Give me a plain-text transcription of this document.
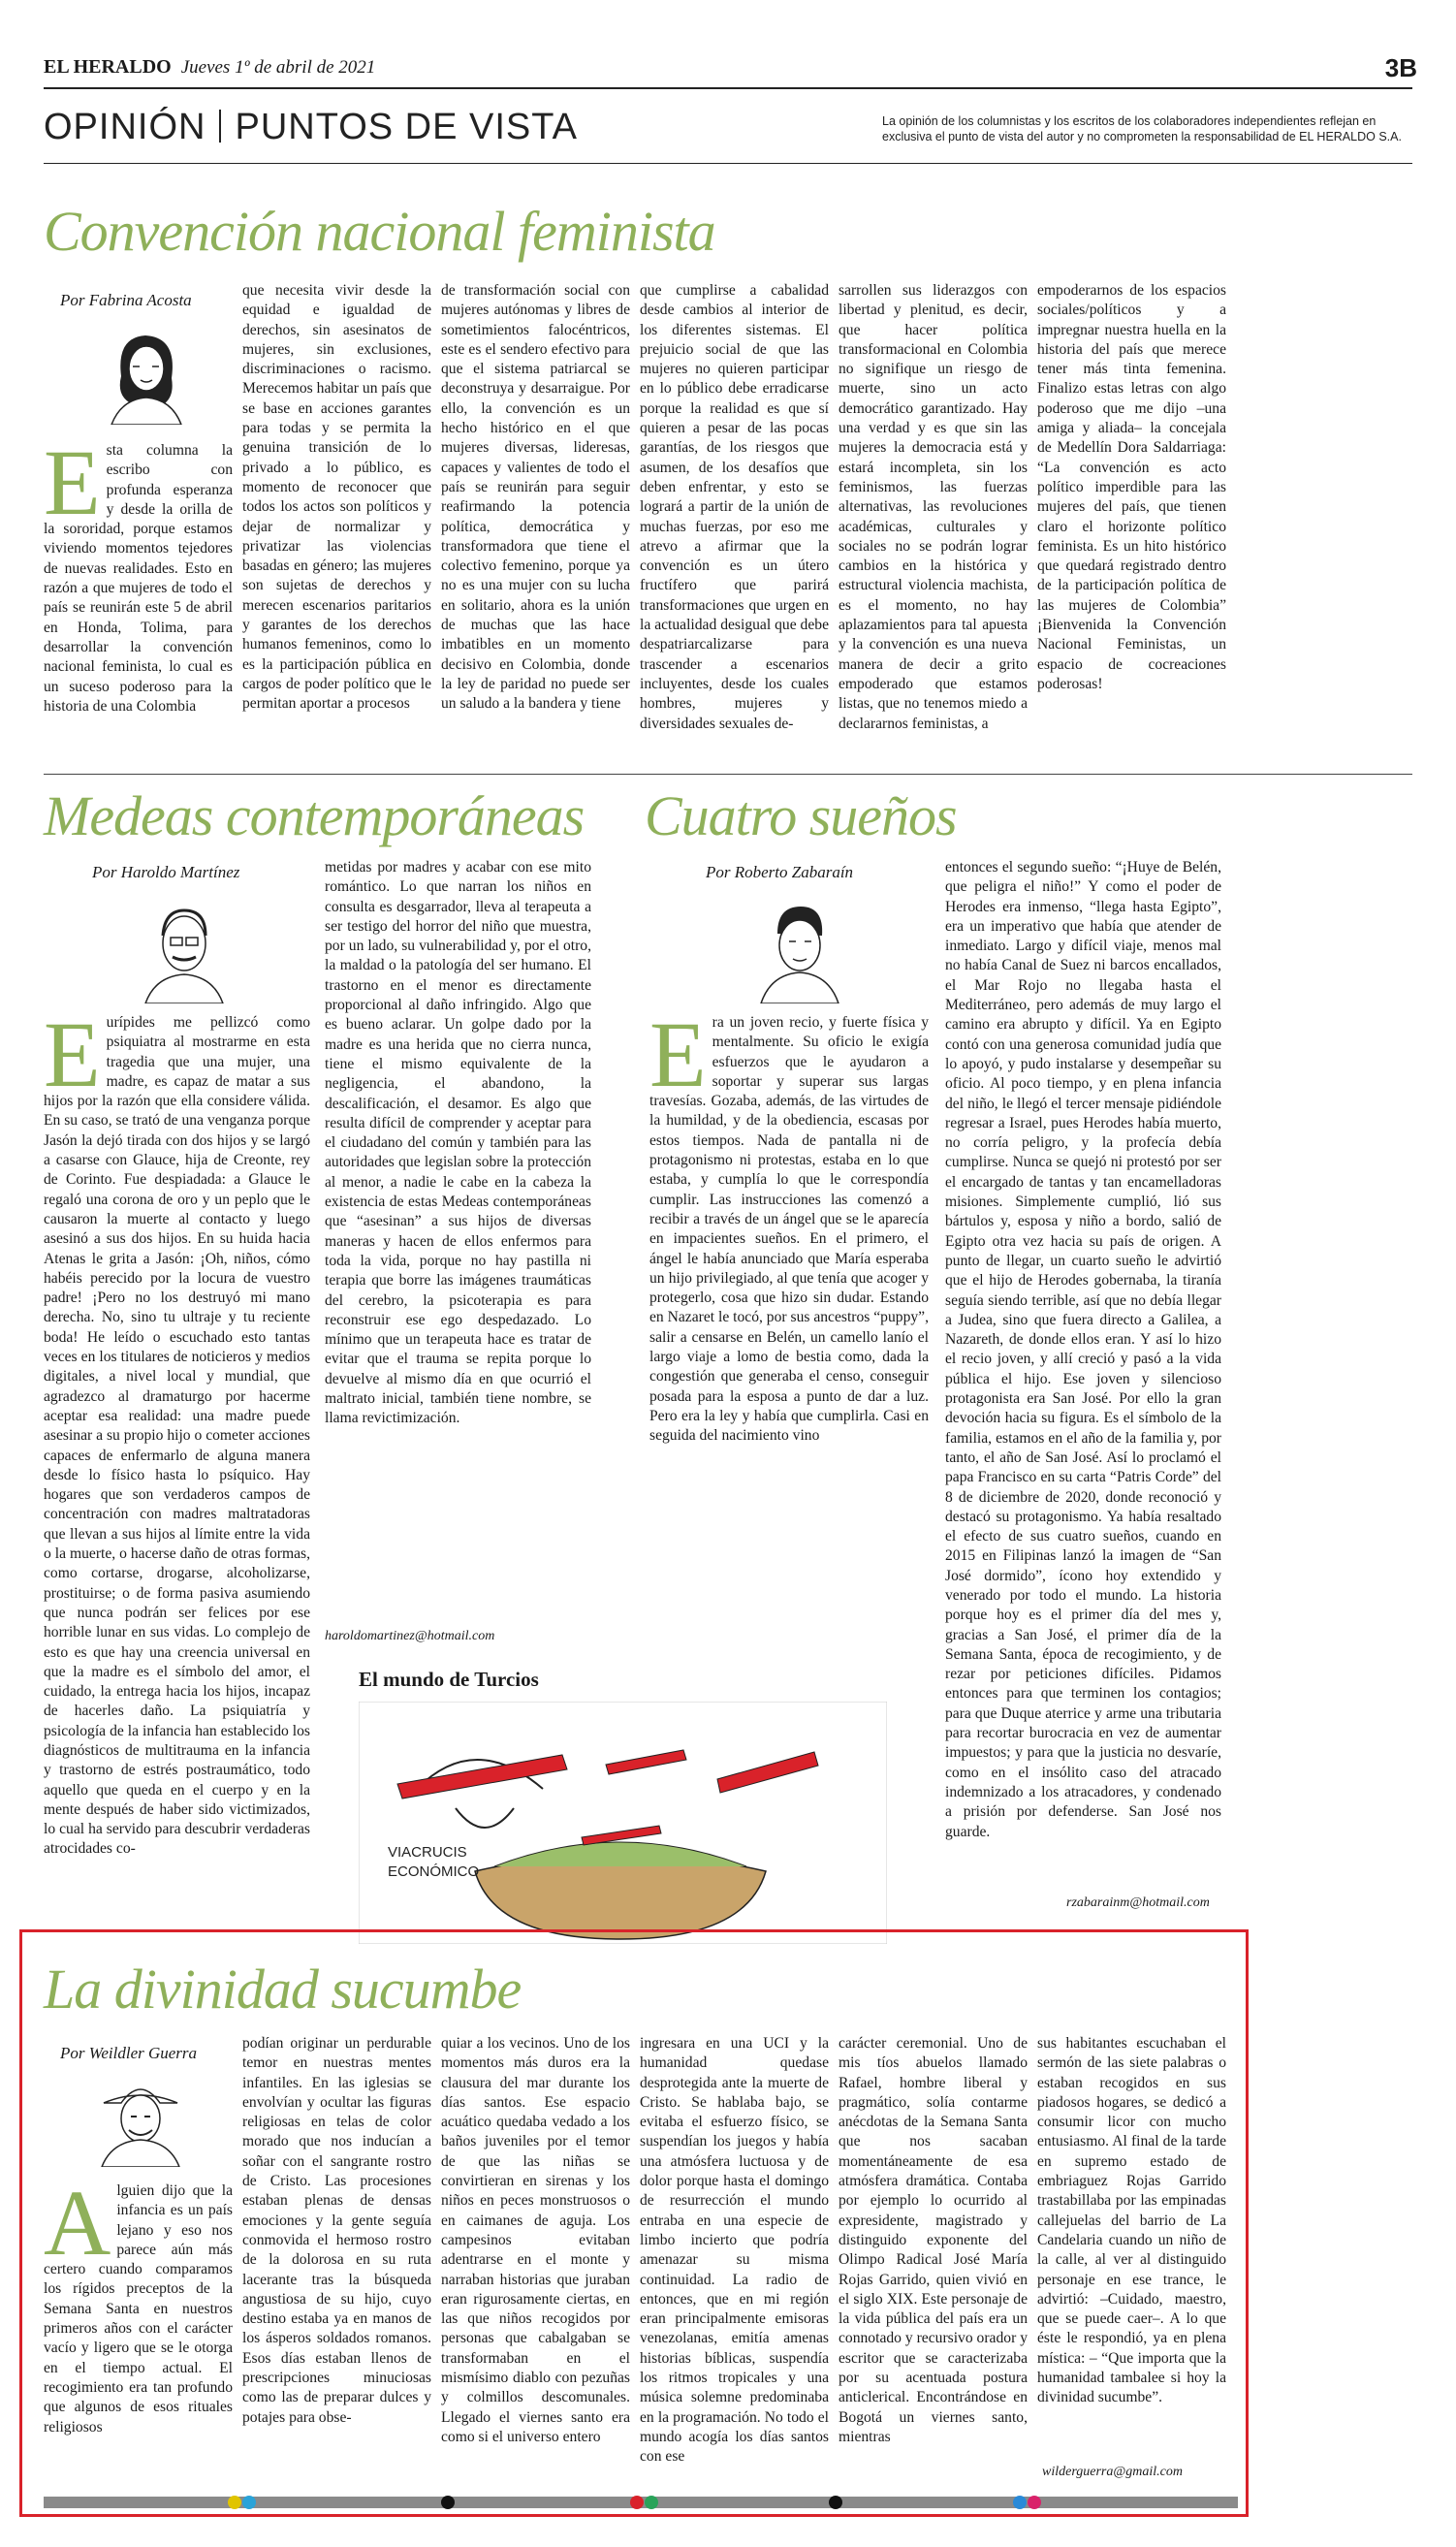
EL HERALDO Jueves 1º de abril de 2021	3B
OPINIÓN PUNTOS DE VISTA	La opinión de los columnistas y los escritos de los colaboradores independientes reflejan en exclusiva el punto de vista del autor y no comprometen la responsabilidad de EL HERALDO S.A.
Convención nacional feminista
Por Fabrina Acosta
Esta columna la escribo con profunda esperanza y desde la orilla de la sororidad, porque estamos viviendo momentos tejedores de nuevas realidades. Esto en razón a que mujeres de todo el país se reunirán este 5 de abril en Honda, Tolima, para desarrollar la convención nacional feminista, lo cual es un suceso poderoso para la historia de una Colombia
que necesita vivir desde la equidad e igualdad de derechos, sin asesinatos de mujeres, sin exclusiones, discriminaciones o racismo. Merecemos habitar un país que se base en acciones garantes para todas y se permita la genuina transición de lo privado a lo público, es momento de reconocer que todos los actos son políticos y dejar de normalizar y privatizar las violencias basadas en género; las mujeres son sujetas de derechos y merecen escenarios paritarios y garantes de los derechos humanos femeninos, como lo es la participación pública en cargos de poder político que le permitan aportar a procesos
de transformación social con mujeres autónomas y libres de sometimientos falocéntricos, este es el sendero efectivo para que el sistema patriarcal se deconstruya y desarraigue. Por ello, la convención es un hecho histórico en el que mujeres diversas, lideresas, capaces y valientes de todo el país se reunirán para seguir reafirmando la potencia política, democrática y transformadora que tiene el colectivo femenino, porque ya no es una mujer con su lucha en solitario, ahora es la unión de muchas que las hace imbatibles en un momento decisivo en Colombia, donde la ley de paridad no puede ser un saludo a la bandera y tiene
que cumplirse a cabalidad desde cambios al interior de los diferentes sistemas. El prejuicio social de que las mujeres no quieren participar en lo público debe erradicarse porque la realidad es que sí quieren a pesar de las pocas garantías, de los riesgos que asumen, de los desafíos que deben enfrentar, y esto se logrará a partir de la unión de muchas fuerzas, por eso me atrevo a afirmar que la convención es un útero fructífero que parirá transformaciones que urgen en la actualidad desigual que debe despatriarcalizarse para trascender a escenarios incluyentes, desde los cuales hombres, mujeres y diversidades sexuales de-
sarrollen sus liderazgos con libertad y plenitud, es decir, que hacer política transformacional en Colombia no signifique un riesgo de muerte, sino un acto democrático garantizado. Hay una verdad y es que sin las mujeres la democracia está y estará incompleta, sin los feminismos, las fuerzas alternativas, las revoluciones académicas, culturales y sociales no se podrán lograr cambios en la histórica y estructural violencia machista, es el momento, no hay aplazamientos para tal apuesta y la convención es una nueva manera de decir a grito empoderado que estamos listas, que no tenemos miedo a declararnos feministas, a
empoderarnos de los espacios sociales/políticos y a impregnar nuestra huella en la historia del país que merece tener más tinta femenina. Finalizo estas letras con algo poderoso que me dijo –una amiga y aliada– la concejala de Medellín Dora Saldarriaga: “La convención es acto político imperdible para las mujeres del país, que tienen claro el horizonte político feminista. Es un hito histórico que quedará registrado dentro de la participación política de las mujeres de Colombia” ¡Bienvenida la Convención Nacional Feministas, un espacio de cocreaciones poderosas!
Medeas contemporáneas
Por Haroldo Martínez
Eurípides me pellizcó como psiquiatra al mostrarme en esta tragedia que una mujer, una madre, es capaz de matar a sus hijos por la razón que ella considere válida. En su caso, se trató de una venganza porque Jasón la dejó tirada con dos hijos y se largó a casarse con Glauce, hija de Creonte, rey de Corinto. Fue despiadada: a Glauce le regaló una corona de oro y un peplo que le causaron la muerte al contacto y luego asesinó a sus dos hijos. En su huida hacia Atenas le grita a Jasón: ¡Oh, niños, cómo habéis perecido por la locura de vuestro padre! ¡Pero no los destruyó mi mano derecha. No, sino tu ultraje y tu reciente boda! He leído o escuchado esto tantas veces en los titulares de noticieros y medios digitales, a nivel local y mundial, que agradezco al dramaturgo por hacerme aceptar esa realidad: una madre puede asesinar a su propio hijo o cometer acciones capaces de enfermarlo de alguna manera desde lo físico hasta lo psíquico. Hay hogares que son verdaderos campos de concentración con madres maltratadoras que llevan a sus hijos al límite entre la vida o la muerte, o hacerse daño de otras formas, como cortarse, drogarse, alcoholizarse, prostituirse; o de forma pasiva asumiendo que nunca podrán ser felices por ese horrible lunar en sus vidas. Lo complejo de esto es que hay una creencia universal en que la madre es el símbolo del amor, el cuidado, la entrega hacia los hijos, incapaz de hacerles daño. La psiquiatría y psicología de la infancia han establecido los diagnósticos de multitrauma en la infancia y trastorno de estrés postraumático, todo aquello que queda en el cuerpo y en la mente después de haber sido victimizados, lo cual ha servido para descubrir verdaderas atrocidades co-
metidas por madres y acabar con ese mito romántico. Lo que narran los niños en consulta es desgarrador, lleva al terapeuta a ser testigo del horror del niño que muestra, por un lado, su vulnerabilidad y, por el otro, la maldad o la patología del ser humano. El trastorno en el menor es directamente proporcional al daño infringido. Algo que es bueno aclarar. Un golpe dado por la madre es una herida que no cierra nunca, tiene el mismo equivalente de la negligencia, el abandono, la descalificación, el desamor. Es algo que resulta difícil de comprender y aceptar para el ciudadano del común y también para las autoridades que legislan sobre la protección al menor, a nadie le cabe en la cabeza la existencia de estas Medeas contemporáneas que “asesinan” a sus hijos de diversas maneras y hacen de ellos enfermos para toda la vida, porque no hay pastilla ni terapia que borre las imágenes traumáticas del cerebro, la psicoterapia es para reconstruir ese ego despedazado. Lo mínimo que un terapeuta hace es tratar de evitar que el trauma se repita porque lo devuelve al mismo día en que ocurrió el maltrato inicial, también tiene nombre, se llama revictimización.
haroldomartinez@hotmail.com
El mundo de Turcios
VIACRUCIS
ECONÓMICO
Cuatro sueños
Por Roberto Zabaraín
Era un joven recio, y fuerte física y mentalmente. Su oficio le exigía esfuerzos que le ayudaron a soportar y superar sus largas travesías. Gozaba, además, de las virtudes de la humildad, y de la obediencia, escasas por estos tiempos. Nada de pantalla ni de protagonismo ni protestas, estaba en lo que estaba, y cumplía lo que le correspondía cumplir. Las instrucciones las comenzó a recibir a través de un ángel que se le aparecía en impacientes sueños. En el primero, el ángel le había anunciado que María esperaba un hijo privilegiado, al que tenía que acoger y protegerlo, cosa que hizo sin dudar. Estando en Nazaret le tocó, por sus ancestros “puppy”, salir a censarse en Belén, un camello lanío el largo viaje a lomo de bestia como, dada la congestión que generaba el censo, conseguir posada para la esposa a punto de dar a luz. Pero era la ley y había que cumplirla. Casi en seguida del nacimiento vino
entonces el segundo sueño: “¡Huye de Belén, que peligra el niño!” Y como el poder de Herodes era inmenso, “llega hasta Egipto”, era un imperativo que había que atender de inmediato. Largo y difícil viaje, menos mal no había Canal de Suez ni barcos encallados, el Mar Rojo no llegaba hasta el Mediterráneo, pero además de muy largo el camino era abrupto y difícil. Ya en Egipto contó con una generosa comunidad judía que lo apoyó, y pudo instalarse y desempeñar su oficio. Al poco tiempo, y en plena infancia del niño, le llegó el tercer mensaje pidiéndole regresar a Israel, pues Herodes había muerto, no corría peligro, y la profecía debía cumplirse. Nunca se quejó ni protestó por ser el encargado de tantas y tan encamelladoras misiones. Simplemente cumplió, lió sus bártulos y, esposa y niño a bordo, salió de Egipto otra vez hacia su país de origen. A punto de llegar, un cuarto sueño le advirtió que el hijo de Herodes gobernaba, la tiranía seguía siendo terrible, así que no debía llegar a Judea, sino que fuera directo a Galilea, a Nazareth, de donde ellos eran. Y así lo hizo el recio joven, y allí creció y pasó a la vida pública el hijo. Ese joven y silencioso protagonista era San José. Por ello la gran devoción hacia su figura. Es el símbolo de la familia, estamos en el año de la familia y, por tanto, el año de San José. Así lo proclamó el papa Francisco en su carta “Patris Corde” del 8 de diciembre de 2020, donde reconoció y destacó su protagonismo. Ya había resaltado el efecto de sus cuatro sueños, cuando en 2015 en Filipinas lanzó la imagen de “San José dormido”, ícono hoy extendido y venerado por todo el mundo. La historia porque hoy es el primer día del mes y, gracias a San José, el primer día de la Semana Santa, época de recogimiento, y de rezar por peticiones difíciles. Pidamos entonces para que terminen los contagios; para que Duque aterrice y arme una tributaria para recortar burocracia en vez de aumentar impuestos; y para que la justicia no desvaríe, como en el insólito caso del atracado indemnizado a los atracadores, y condenado a prisión por defenderse. San José nos guarde.
rzabarainm@hotmail.com
La divinidad sucumbe
Por Weildler Guerra
Alguien dijo que la infancia es un país lejano y eso nos parece aún más certero cuando comparamos los rígidos preceptos de la Semana Santa en nuestros primeros años con el carácter vacío y ligero que se le otorga en el tiempo actual. El recogimiento era tan profundo que algunos de esos rituales religiosos
podían originar un perdurable temor en nuestras mentes infantiles. En las iglesias se envolvían y ocultar las figuras religiosas en telas de color morado que nos inducían a soñar con el sangrante rostro de Cristo. Las procesiones estaban plenas de densas emociones y la gente seguía conmovida el hermoso rostro de la dolorosa en su ruta lacerante tras la búsqueda angustiosa de su hijo, cuyo destino estaba ya en manos de los ásperos soldados romanos. Esos días estaban llenos de prescripciones minuciosas como las de preparar dulces y potajes para obse-
quiar a los vecinos. Uno de los momentos más duros era la clausura del mar durante los días santos. Ese espacio acuático quedaba vedado a los baños juveniles por el temor de que las niñas se convirtieran en sirenas y los niños en peces monstruosos o en caimanes de aguja. Los campesinos evitaban adentrarse en el monte y narraban historias que juraban eran rigurosamente ciertas, en las que niños recogidos por personas que cabalgaban se transformaban en el mismísimo diablo con pezuñas y colmillos descomunales. Llegado el viernes santo era como si el universo entero
ingresara en una UCI y la humanidad quedase desprotegida ante la muerte de Cristo. Se hablaba bajo, se evitaba el esfuerzo físico, se suspendían los juegos y había una atmósfera luctuosa y de dolor porque hasta el domingo de resurrección el mundo entraba en una especie de limbo incierto que podría amenazar su misma continuidad. La radio de entonces, que en mi región eran principalmente emisoras venezolanas, emitía amenas historias bíblicas, suspendía los ritmos tropicales y una música solemne predominaba en la programación. No todo el mundo acogía los días santos con ese
carácter ceremonial. Uno de mis tíos abuelos llamado Rafael, hombre liberal y pragmático, solía contarme anécdotas de la Semana Santa que nos sacaban momentáneamente de esa atmósfera dramática. Contaba por ejemplo lo ocurrido al expresidente, magistrado y distinguido exponente del Olimpo Radical José María Rojas Garrido, quien vivió en el siglo XIX. Este personaje de la vida pública del país era un connotado y recursivo orador y escritor que se caracterizaba por su acentuada postura anticlerical. Encontrándose en Bogotá un viernes santo, mientras
sus habitantes escuchaban el sermón de las siete palabras o estaban recogidos en sus piadosos hogares, se dedicó a consumir licor con mucho entusiasmo. Al final de la tarde en supremo estado de embriaguez Rojas Garrido trastabillaba por las empinadas callejuelas del barrio de La Candelaria cuando un niño de la calle, al ver al distinguido personaje en ese trance, le advirtió: –Cuidado, maestro, que se puede caer–. A lo que éste le respondió, ya en plena mística: – “Que importa que la humanidad tambalee si hoy la divinidad sucumbe”.
wilderguerra@gmail.com
